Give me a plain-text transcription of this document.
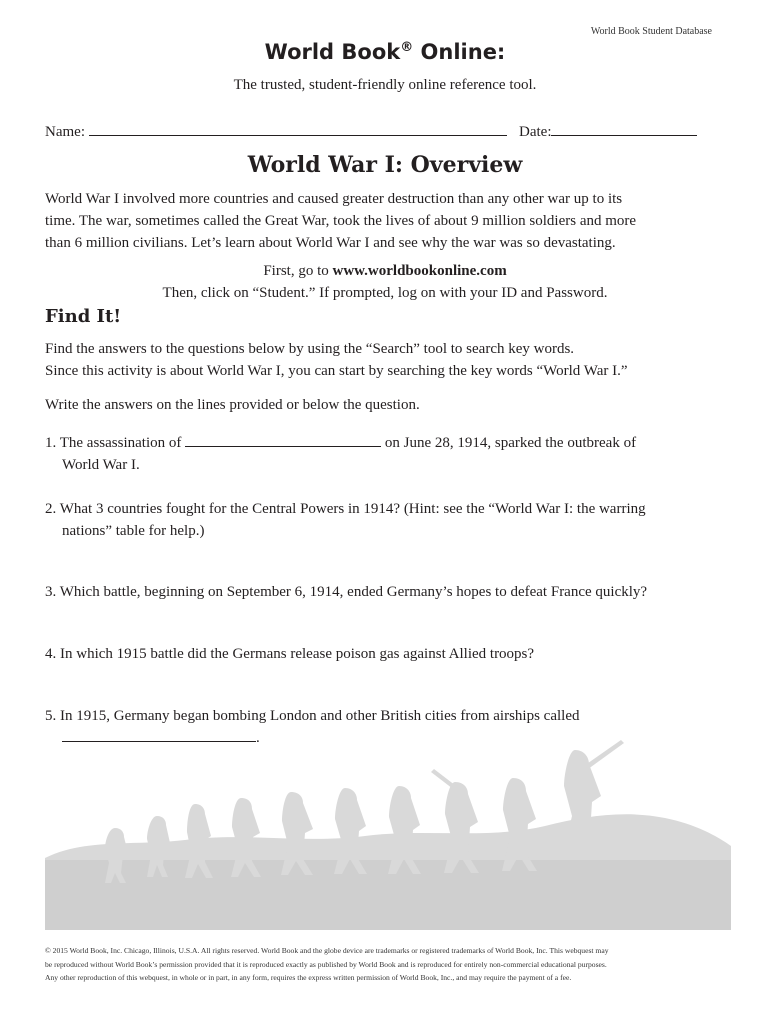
World Book Student Database
World Book® Online:
The trusted, student-friendly online reference tool.
Name:	Date:
World War I: Overview
World War I involved more countries and caused greater destruction than any other war up to its
time. The war, sometimes called the Great War, took the lives of about 9 million soldiers and more
than 6 million civilians. Let’s learn about World War I and see why the war was so devastating.
First, go to www.worldbookonline.com
Then, click on “Student.” If prompted, log on with your ID and Password.
Find It!
Find the answers to the questions below by using the “Search” tool to search key words.
Since this activity is about World War I, you can start by searching the key words “World War I.”
Write the answers on the lines provided or below the question.
1. The assassination of	on June 28, 1914, sparked the outbreak of
World War I.
2. What 3 countries fought for the Central Powers in 1914? (Hint: see the “World War I: the warring
nations” table for help.)
3. Which battle, beginning on September 6, 1914, ended Germany’s hopes to defeat France quickly?
4. In which 1915 battle did the Germans release poison gas against Allied troops?
5. In 1915, Germany began bombing London and other British cities from airships called
.
© 2015 World Book, Inc. Chicago, Illinois, U.S.A. All rights reserved. World Book and the globe device are trademarks or registered trademarks of World Book, Inc. This webquest may
be reproduced without World Book’s permission provided that it is reproduced exactly as published by World Book and is reproduced for entirely non-commercial educational purposes.
Any other reproduction of this webquest, in whole or in part, in any form, requires the express written permission of World Book, Inc., and may require the payment of a fee.
